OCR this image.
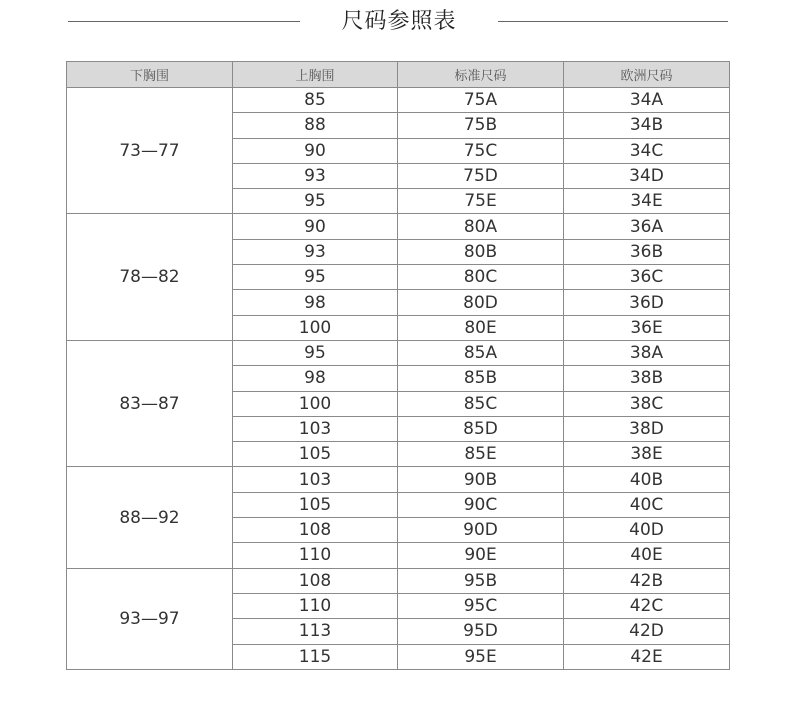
尺码参照表
下胸围	上胸围	标准尺码	欧洲尺码
73—77	85	75A	34A
	88	75B	34B
	90	75C	34C
	93	75D	34D
	95	75E	34E
78—82	90	80A	36A
	93	80B	36B
	95	80C	36C
	98	80D	36D
	100	80E	36E
83—87	95	85A	38A
	98	85B	38B
	100	85C	38C
	103	85D	38D
	105	85E	38E
88—92	103	90B	40B
	105	90C	40C
	108	90D	40D
	110	90E	40E
93—97	108	95B	42B
	110	95C	42C
	113	95D	42D
	115	95E	42E
